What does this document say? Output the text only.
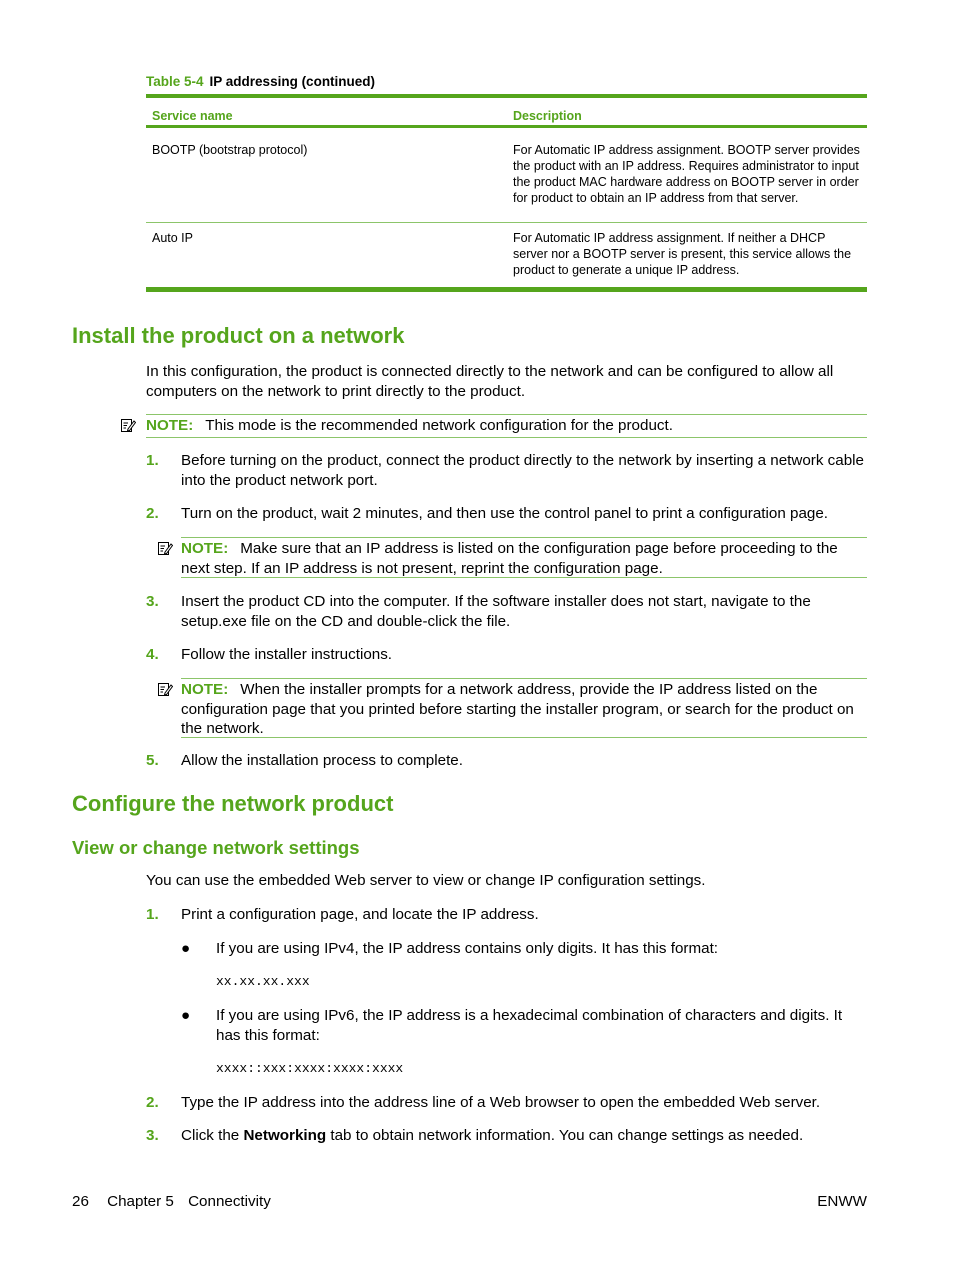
Table 5-4 IP addressing (continued)
Service name	Description
BOOTP (bootstrap protocol)	For Automatic IP address assignment. BOOTP server provides the product with an IP address. Requires administrator to input the product MAC hardware address on BOOTP server in order for product to obtain an IP address from that server.
Auto IP	For Automatic IP address assignment. If neither a DHCP server nor a BOOTP server is present, this service allows the product to generate a unique IP address.
Install the product on a network
In this configuration, the product is connected directly to the network and can be configured to allow all computers on the network to print directly to the product.
NOTE: This mode is the recommended network configuration for the product.
1. Before turning on the product, connect the product directly to the network by inserting a network cable into the product network port.
2. Turn on the product, wait 2 minutes, and then use the control panel to print a configuration page.
NOTE: Make sure that an IP address is listed on the configuration page before proceeding to the next step. If an IP address is not present, reprint the configuration page.
3. Insert the product CD into the computer. If the software installer does not start, navigate to the setup.exe file on the CD and double-click the file.
4. Follow the installer instructions.
NOTE: When the installer prompts for a network address, provide the IP address listed on the configuration page that you printed before starting the installer program, or search for the product on the network.
5. Allow the installation process to complete.
Configure the network product
View or change network settings
You can use the embedded Web server to view or change IP configuration settings.
1. Print a configuration page, and locate the IP address.
● If you are using IPv4, the IP address contains only digits. It has this format:
xx.xx.xx.xxx
● If you are using IPv6, the IP address is a hexadecimal combination of characters and digits. It has this format:
xxxx::xxx:xxxx:xxxx:xxxx
2. Type the IP address into the address line of a Web browser to open the embedded Web server.
3. Click the Networking tab to obtain network information. You can change settings as needed.
26 Chapter 5 Connectivity	ENWW
